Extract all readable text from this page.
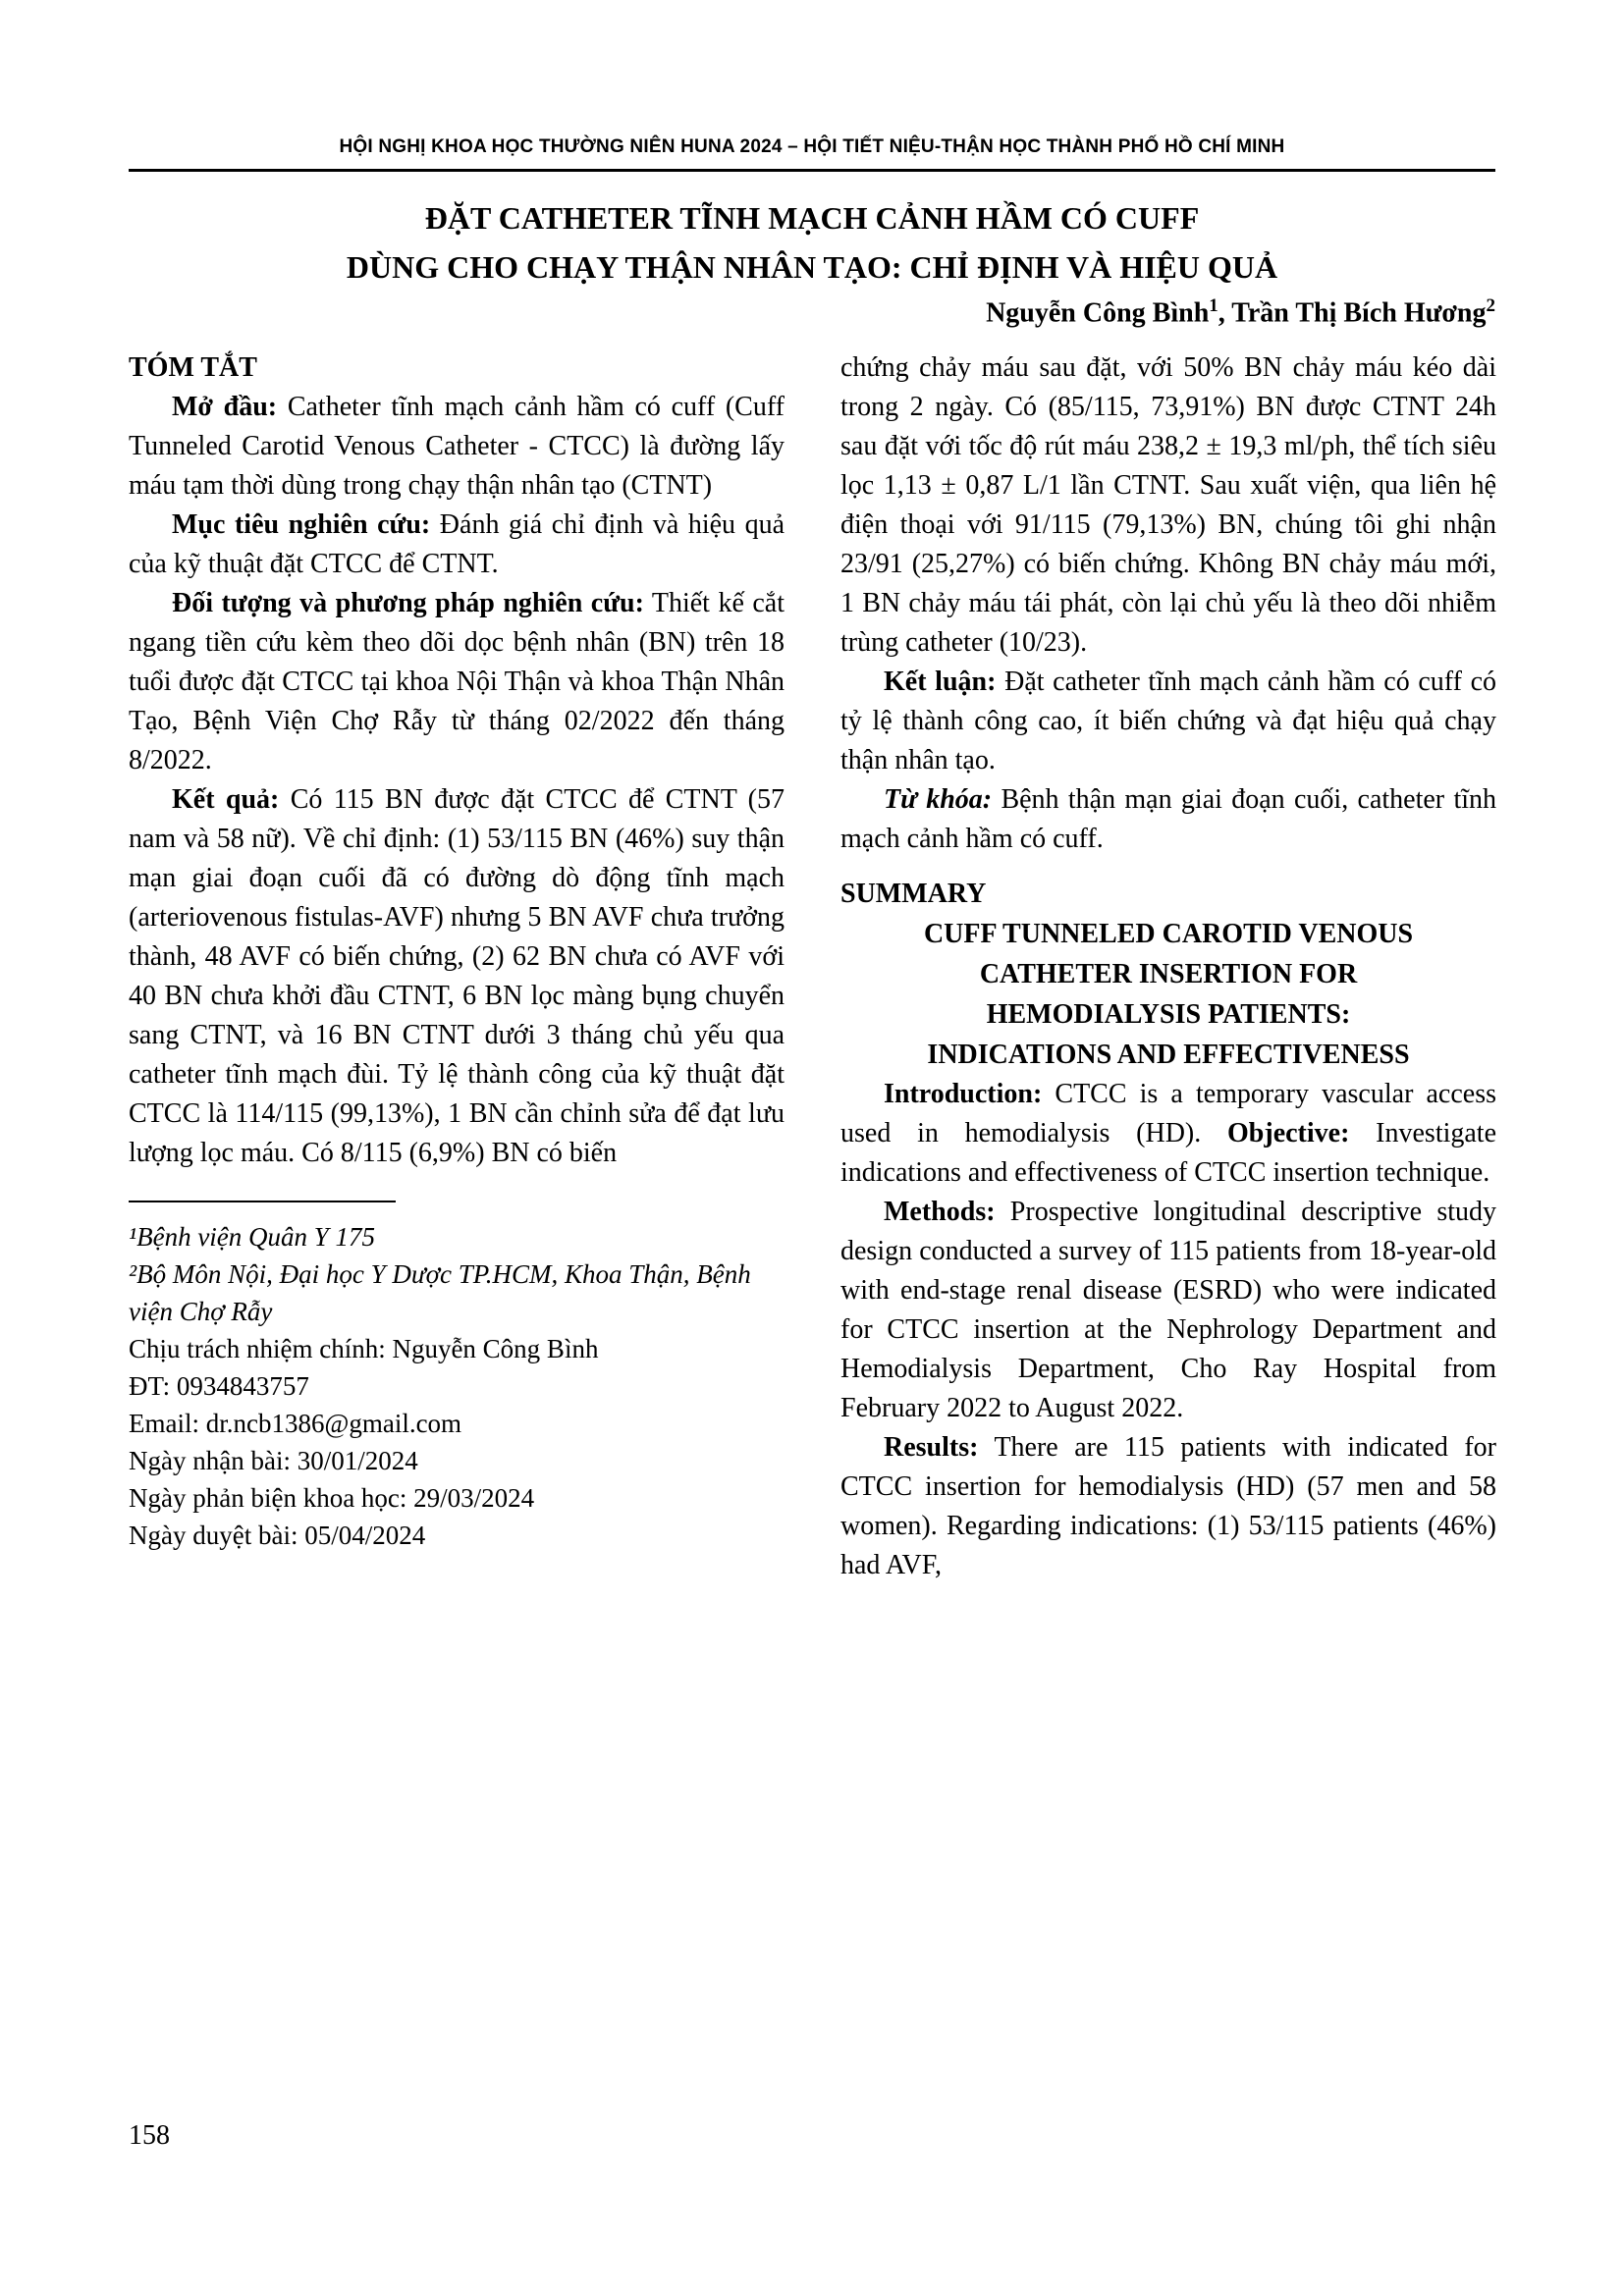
HỘI NGHỊ KHOA HỌC THƯỜNG NIÊN HUNA 2024 – HỘI TIẾT NIỆU-THẬN HỌC THÀNH PHỐ HỒ CHÍ MINH
ĐẶT CATHETER TĨNH MẠCH CẢNH HẦM CÓ CUFF
DÙNG CHO CHẠY THẬN NHÂN TẠO: CHỈ ĐỊNH VÀ HIỆU QUẢ
Nguyễn Công Bình$^1$, Trần Thị Bích Hương$^2$
TÓM TẮT

Mở đầu: Catheter tĩnh mạch cảnh hầm có cuff (Cuff Tunneled Carotid Venous Catheter - CTCC) là đường lấy máu tạm thời dùng trong chạy thận nhân tạo (CTNT)

Mục tiêu nghiên cứu: Đánh giá chỉ định và hiệu quả của kỹ thuật đặt CTCC để CTNT.

Đối tượng và phương pháp nghiên cứu: Thiết kế cắt ngang tiền cứu kèm theo dõi dọc bệnh nhân (BN) trên 18 tuổi được đặt CTCC tại khoa Nội Thận và khoa Thận Nhân Tạo, Bệnh Viện Chợ Rẫy từ tháng 02/2022 đến tháng 8/2022.

Kết quả: Có 115 BN được đặt CTCC để CTNT (57 nam và 58 nữ). Về chỉ định: (1) 53/115 BN (46%) suy thận mạn giai đoạn cuối đã có đường dò động tĩnh mạch (arteriovenous fistulas-AVF) nhưng 5 BN AVF chưa trưởng thành, 48 AVF có biến chứng, (2) 62 BN chưa có AVF với 40 BN chưa khởi đầu CTNT, 6 BN lọc màng bụng chuyển sang CTNT, và 16 BN CTNT dưới 3 tháng chủ yếu qua catheter tĩnh mạch đùi. Tỷ lệ thành công của kỹ thuật đặt CTCC là 114/115 (99,13%), 1 BN cần chỉnh sửa để đạt lưu lượng lọc máu. Có 8/115 (6,9%) BN có biến

¹Bệnh viện Quân Y 175
²Bộ Môn Nội, Đại học Y Dược TP.HCM, Khoa Thận, Bệnh viện Chợ Rẫy
Chịu trách nhiệm chính: Nguyễn Công Bình
ĐT: 0934843757
Email: dr.ncb1386@gmail.com
Ngày nhận bài: 30/01/2024
Ngày phản biện khoa học: 29/03/2024
Ngày duyệt bài: 05/04/2024

chứng chảy máu sau đặt, với 50% BN chảy máu kéo dài trong 2 ngày. Có (85/115, 73,91%) BN được CTNT 24h sau đặt với tốc độ rút máu 238,2 ± 19,3 ml/ph, thể tích siêu lọc 1,13 ± 0,87 L/1 lần CTNT. Sau xuất viện, qua liên hệ điện thoại với 91/115 (79,13%) BN, chúng tôi ghi nhận 23/91 (25,27%) có biến chứng. Không BN chảy máu mới, 1 BN chảy máu tái phát, còn lại chủ yếu là theo dõi nhiễm trùng catheter (10/23).

Kết luận: Đặt catheter tĩnh mạch cảnh hầm có cuff có tỷ lệ thành công cao, ít biến chứng và đạt hiệu quả chạy thận nhân tạo.

Từ khóa: Bệnh thận mạn giai đoạn cuối, catheter tĩnh mạch cảnh hầm có cuff.

SUMMARY
CUFF TUNNELED CAROTID VENOUS
CATHETER INSERTION FOR
HEMODIALYSIS PATIENTS:
INDICATIONS AND EFFECTIVENESS

Introduction: CTCC is a temporary vascular access used in hemodialysis (HD). Objective: Investigate indications and effectiveness of CTCC insertion technique.

Methods: Prospective longitudinal descriptive study design conducted a survey of 115 patients from 18-year-old with end-stage renal disease (ESRD) who were indicated for CTCC insertion at the Nephrology Department and Hemodialysis Department, Cho Ray Hospital from February 2022 to August 2022.

Results: There are 115 patients with indicated for CTCC insertion for hemodialysis (HD) (57 men and 58 women). Regarding indications: (1) 53/115 patients (46%) had AVF,

158
